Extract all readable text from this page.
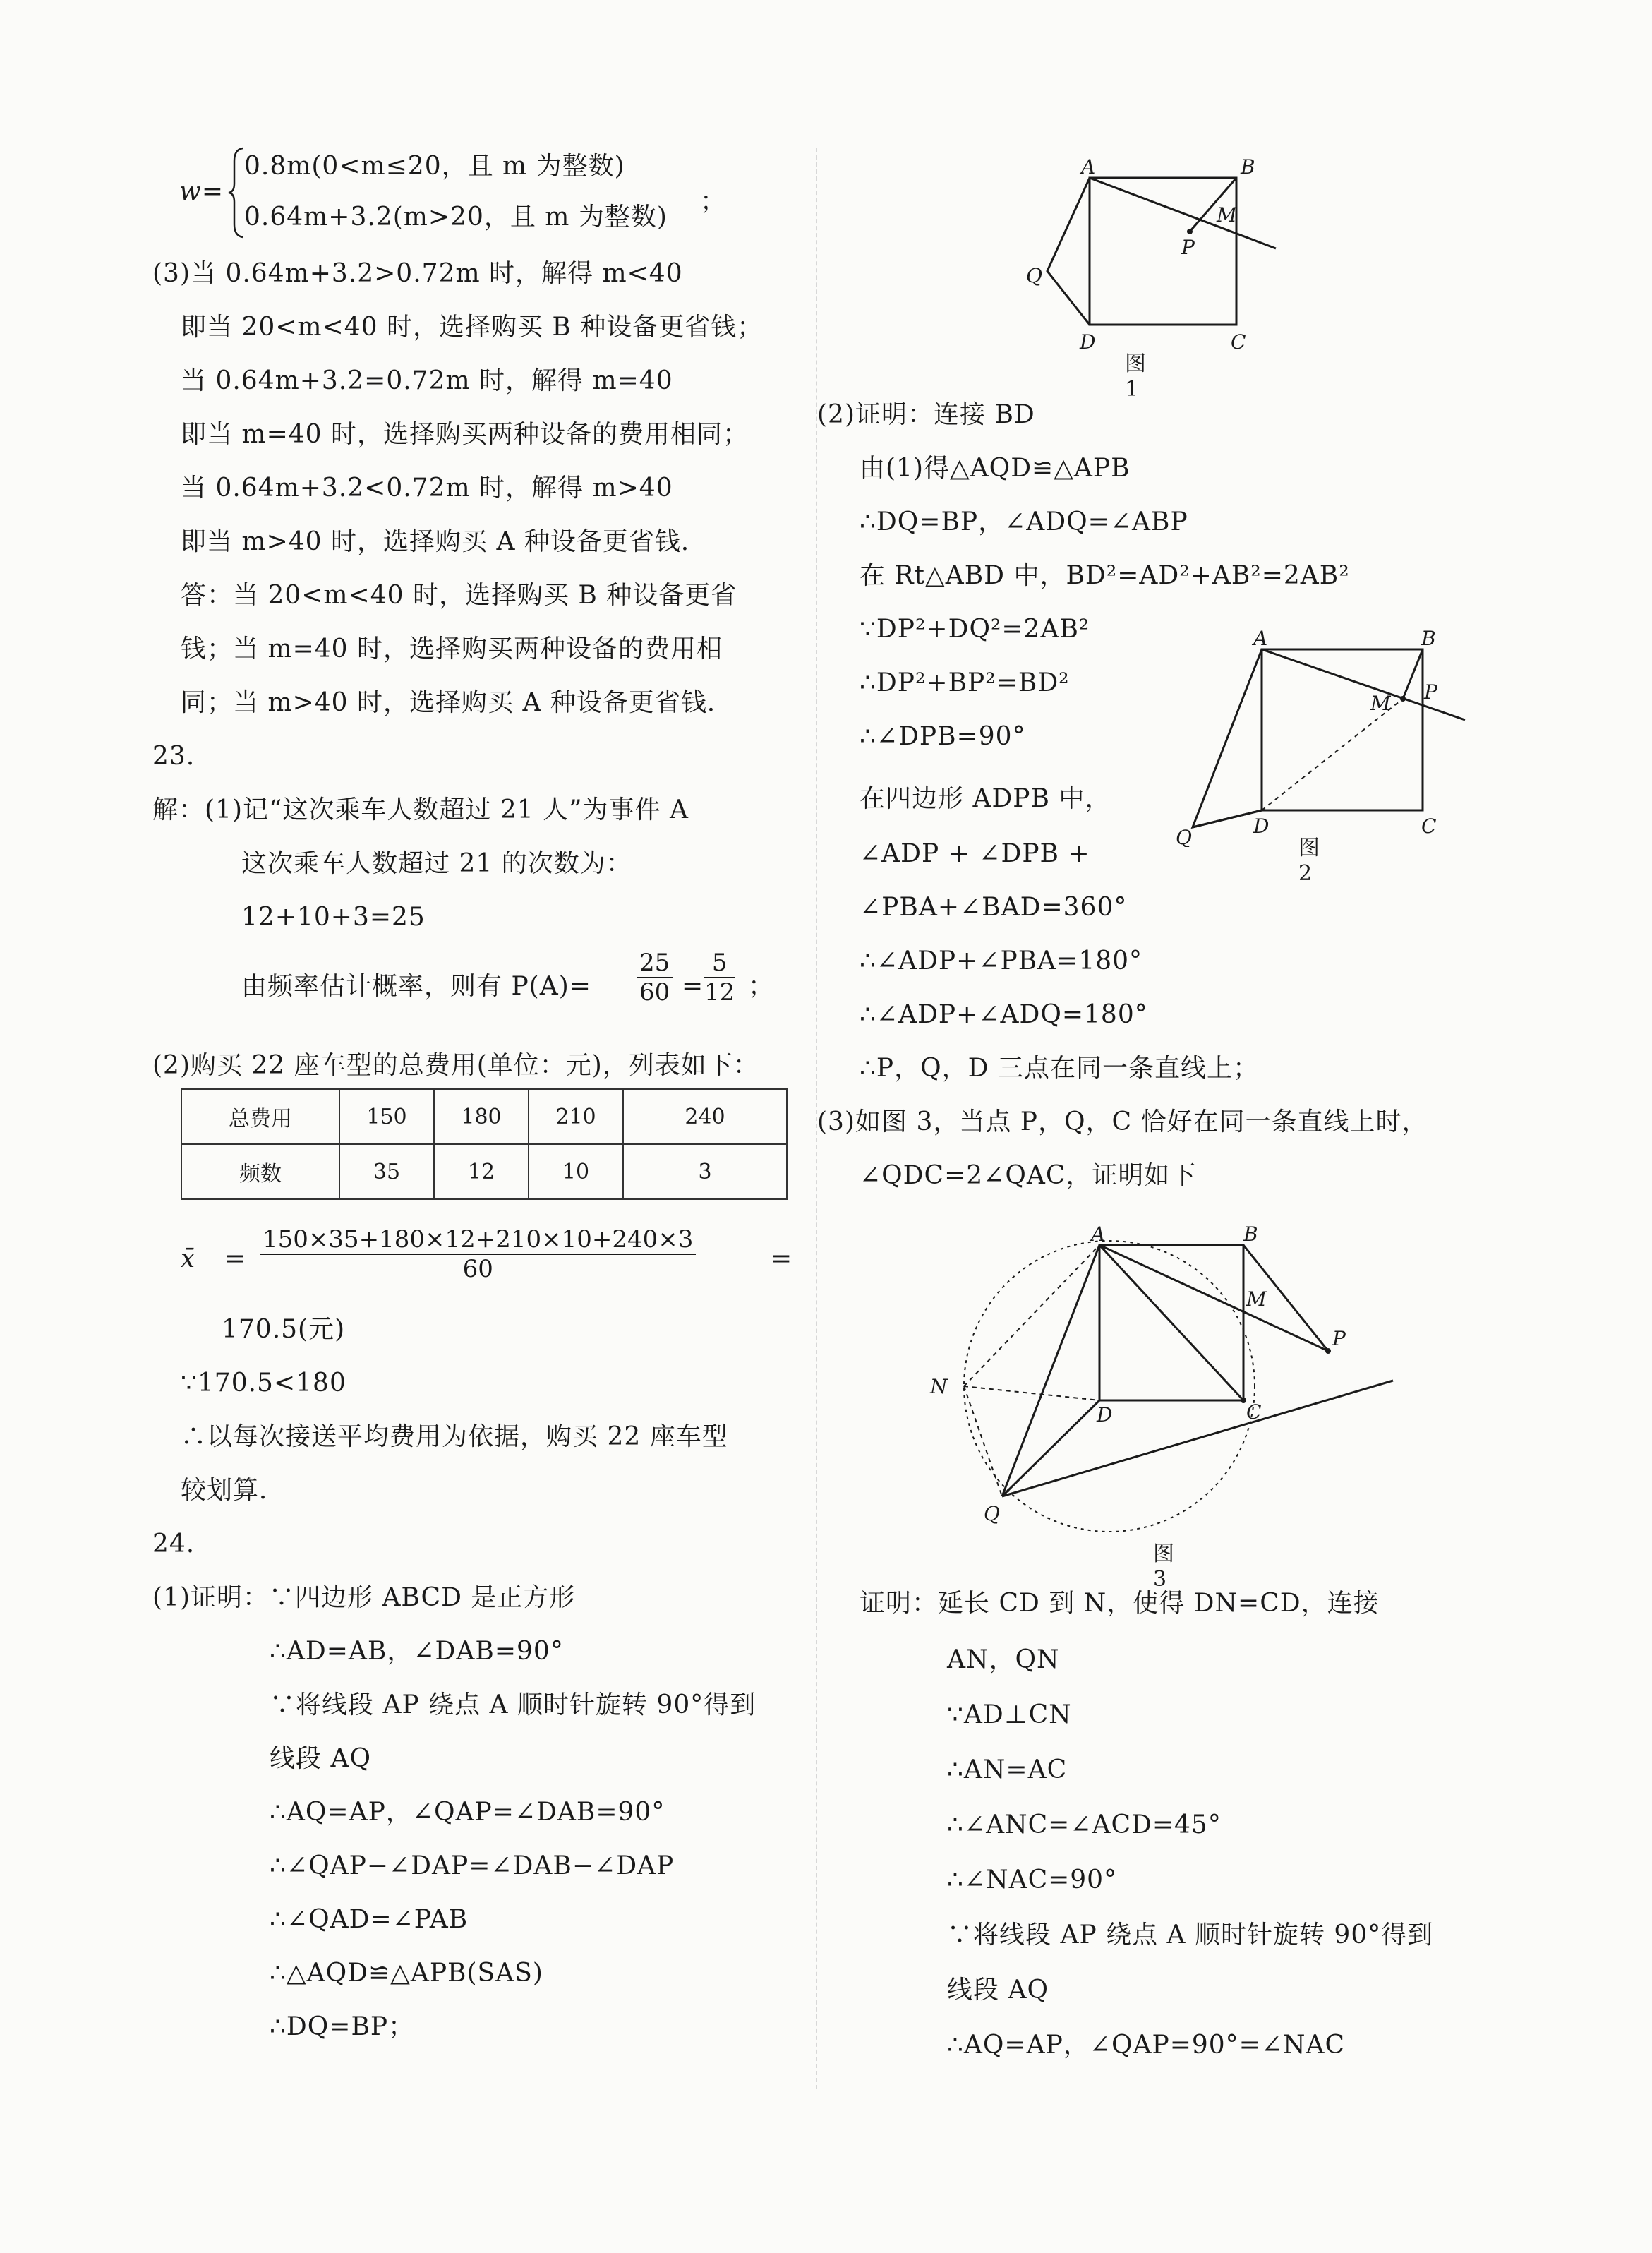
w=
0.8m(0<m≤20，且 m 为整数)
0.64m+3.2(m>20，且 m 为整数)
；
(3)当 0.64m+3.2>0.72m 时，解得 m<40
即当 20<m<40 时，选择购买 B 种设备更省钱；
当 0.64m+3.2=0.72m 时，解得 m=40
即当 m=40 时，选择购买两种设备的费用相同；
当 0.64m+3.2<0.72m 时，解得 m>40
即当 m>40 时，选择购买 A 种设备更省钱．
答：当 20<m<40 时，选择购买 B 种设备更省
钱；当 m=40 时，选择购买两种设备的费用相
同；当 m>40 时，选择购买 A 种设备更省钱．
23.
解：(1)记“这次乘车人数超过 21 人”为事件 A
这次乘车人数超过 21 的次数为：
12+10+3=25
由频率估计概率，则有 $P(A)= \frac{25}{60} = \frac{5}{12}$ ；
(2)购买 22 座车型的总费用(单位：元)，列表如下：
总费用	150	180	210	240
频数	35	12	10	3
x̄ = $\frac{150\times 35+180\times 12+210\times 10+240\times 3}{60}$	=
170.5(元)
∵170.5<180
∴以每次接送平均费用为依据，购买 22 座车型
较划算．
24.
(1)证明：∵四边形 ABCD 是正方形
∴AD=AB，∠DAB=90°
∵将线段 AP 绕点 A 顺时针旋转 90°得到
线段 AQ
∴AQ=AP，∠QAP=∠DAB=90°
∴∠QAP−∠DAP=∠DAB−∠DAP
∴∠QAD=∠PAB
∴△AQD≌△APB(SAS)
∴DQ=BP；
A	B
M
P
Q
D	C
图1
(2)证明：连接 BD
由(1)得△AQD≌△APB
∴DQ=BP，∠ADQ=∠ABP
在 Rt△ABD 中，BD²=AD²+AB²=2AB²
∵DP²+DQ²=2AB²
∴DP²+BP²=BD²
∴∠DPB=90°
在四边形 ADPB 中，
∠ADP + ∠DPB +
∠PBA+∠BAD=360°
∴∠ADP+∠PBA=180°
∴∠ADP+∠ADQ=180°
∴P，Q，D 三点在同一条直线上；
(3)如图 3，当点 P，Q，C 恰好在同一条直线上时，
∠QDC=2∠QAC，证明如下
A	B
M P
Q	D	C
图2
A	B
M
P
N
D	C
Q
图3
证明：延长 CD 到 N，使得 DN=CD，连接
AN，QN
∵AD⊥CN
∴AN=AC
∴∠ANC=∠ACD=45°
∴∠NAC=90°
∵将线段 AP 绕点 A 顺时针旋转 90°得到
线段 AQ
∴AQ=AP，∠QAP=90°=∠NAC
